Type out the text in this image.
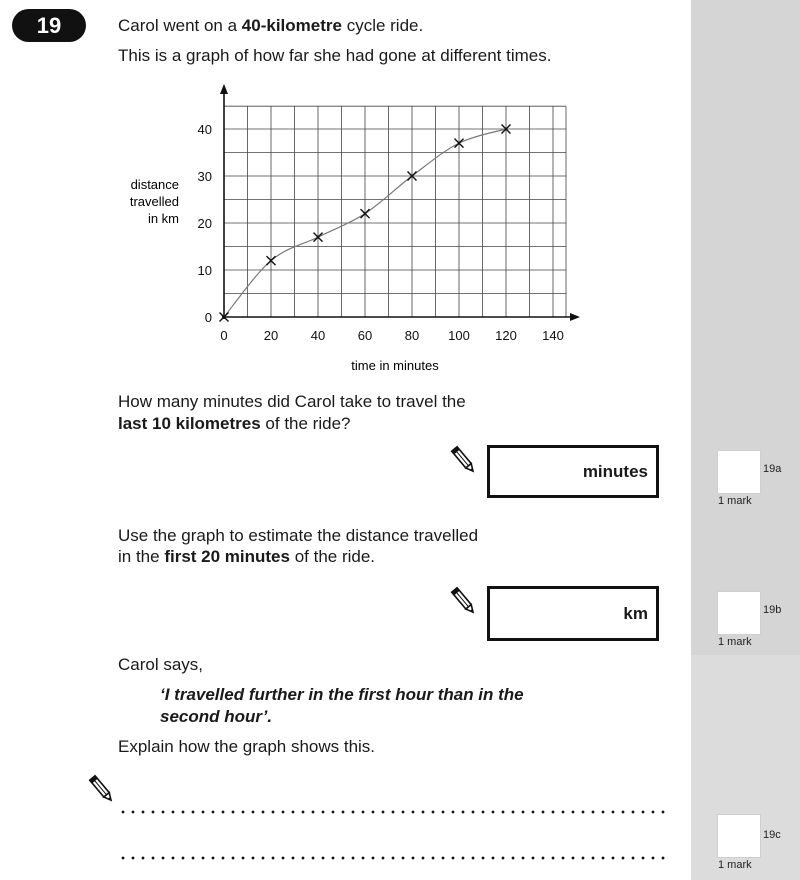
19	Carol went on a 40-kilometre cycle ride.
This is a graph of how far she had gone at different times.
0	20	40	60	80 100 120 140
0
10
20
30
40
distance
travelled
in km
time in minutes
How many minutes did Carol take to travel the
last 10 kilometres of the ride?
minutes
1 mark
19a
Use the graph to estimate the distance travelled
in the first 20 minutes of the ride.
km
1 mark
19b
Carol says,
‘I travelled further in the first hour than in the
second hour’.
Explain how the graph shows this.
1 mark
19c
